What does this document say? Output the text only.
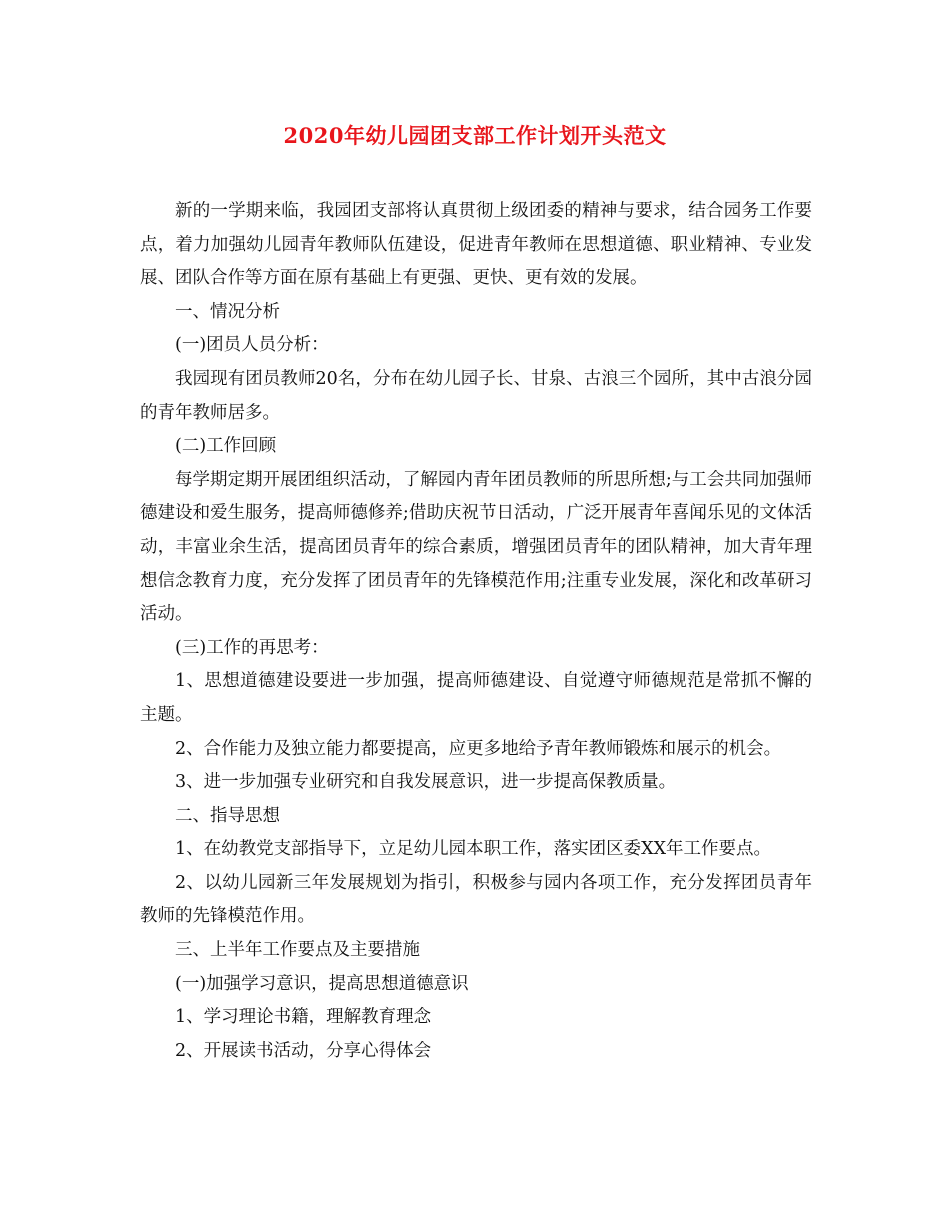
2020年幼儿园团支部工作计划开头范文

新的一学期来临，我园团支部将认真贯彻上级团委的精神与要求，结合园务工作要点，着力加强幼儿园青年教师队伍建设，促进青年教师在思想道德、职业精神、专业发展、团队合作等方面在原有基础上有更强、更快、更有效的发展。

一、情况分析

(一)团员人员分析：

我园现有团员教师20名，分布在幼儿园子长、甘泉、古浪三个园所，其中古浪分园的青年教师居多。

(二)工作回顾

每学期定期开展团组织活动，了解园内青年团员教师的所思所想;与工会共同加强师德建设和爱生服务，提高师德修养;借助庆祝节日活动，广泛开展青年喜闻乐见的文体活动，丰富业余生活，提高团员青年的综合素质，增强团员青年的团队精神，加大青年理想信念教育力度，充分发挥了团员青年的先锋模范作用;注重专业发展，深化和改革研习活动。

(三)工作的再思考：

1、思想道德建设要进一步加强，提高师德建设、自觉遵守师德规范是常抓不懈的主题。

2、合作能力及独立能力都要提高，应更多地给予青年教师锻炼和展示的机会。

3、进一步加强专业研究和自我发展意识，进一步提高保教质量。

二、指导思想

1、在幼教党支部指导下，立足幼儿园本职工作，落实团区委XX年工作要点。

2、以幼儿园新三年发展规划为指引，积极参与园内各项工作，充分发挥团员青年教师的先锋模范作用。

三、上半年工作要点及主要措施

(一)加强学习意识，提高思想道德意识

1、学习理论书籍，理解教育理念

2、开展读书活动，分享心得体会
